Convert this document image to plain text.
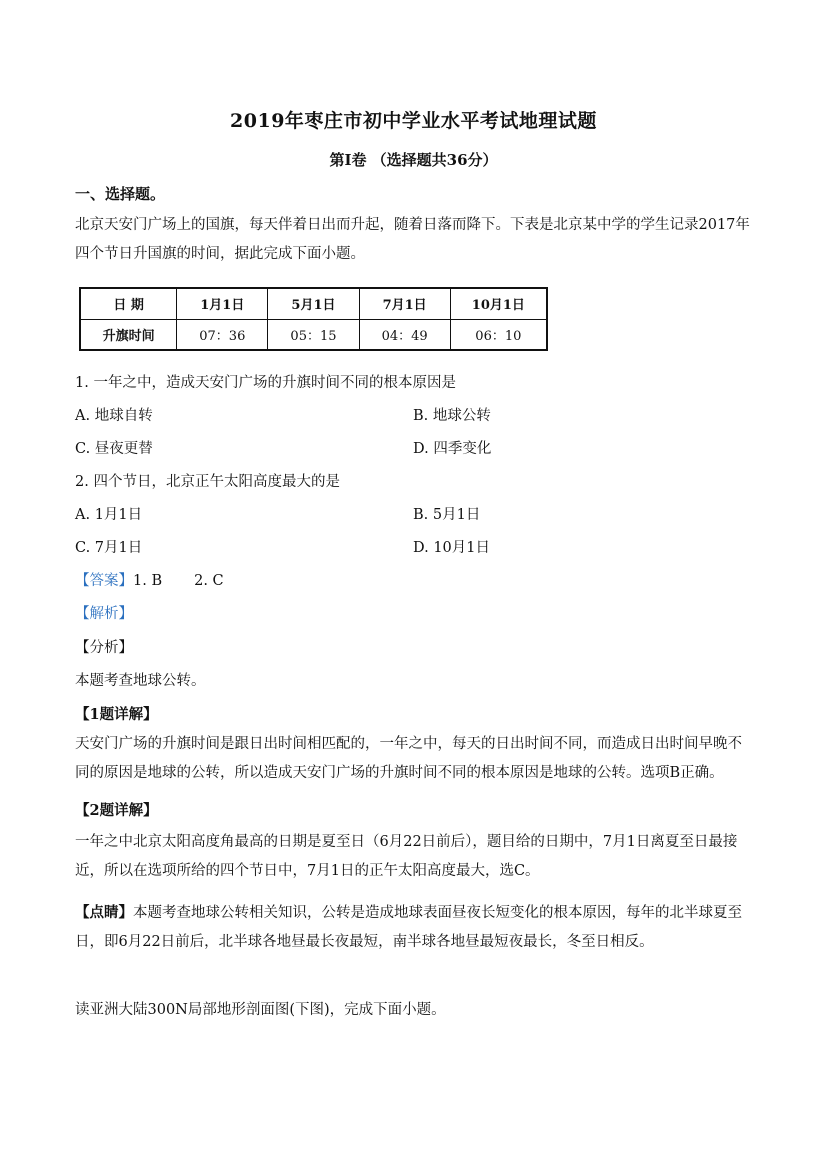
2019年枣庄市初中学业水平考试地理试题
第Ⅰ卷 （选择题共36分）
一、选择题。
北京天安门广场上的国旗，每天伴着日出而升起，随着日落而降下。下表是北京某中学的学生记录2017年四个节日升国旗的时间，据此完成下面小题。
日 期	1月1日	5月1日	7月1日	10月1日
升旗时间	07：36	05：15	04：49	06：10
1. 一年之中，造成天安门广场的升旗时间不同的根本原因是
A. 地球自转	B. 地球公转
C. 昼夜更替	D. 四季变化
2. 四个节日，北京正午太阳高度最大的是
A. 1月1日	B. 5月1日
C. 7月1日	D. 10月1日
【答案】1. B 2. C
【解析】
【分析】
本题考查地球公转。
【1题详解】
天安门广场的升旗时间是跟日出时间相匹配的，一年之中，每天的日出时间不同，而造成日出时间早晚不同的原因是地球的公转，所以造成天安门广场的升旗时间不同的根本原因是地球的公转。选项B正确。
【2题详解】
一年之中北京太阳高度角最高的日期是夏至日（6月22日前后），题目给的日期中，7月1日离夏至日最接近，所以在选项所给的四个节日中，7月1日的正午太阳高度最大，选C。
【点睛】本题考查地球公转相关知识，公转是造成地球表面昼夜长短变化的根本原因，每年的北半球夏至日，即6月22日前后，北半球各地昼最长夜最短，南半球各地昼最短夜最长，冬至日相反。
读亚洲大陆300N局部地形剖面图(下图)，完成下面小题。
